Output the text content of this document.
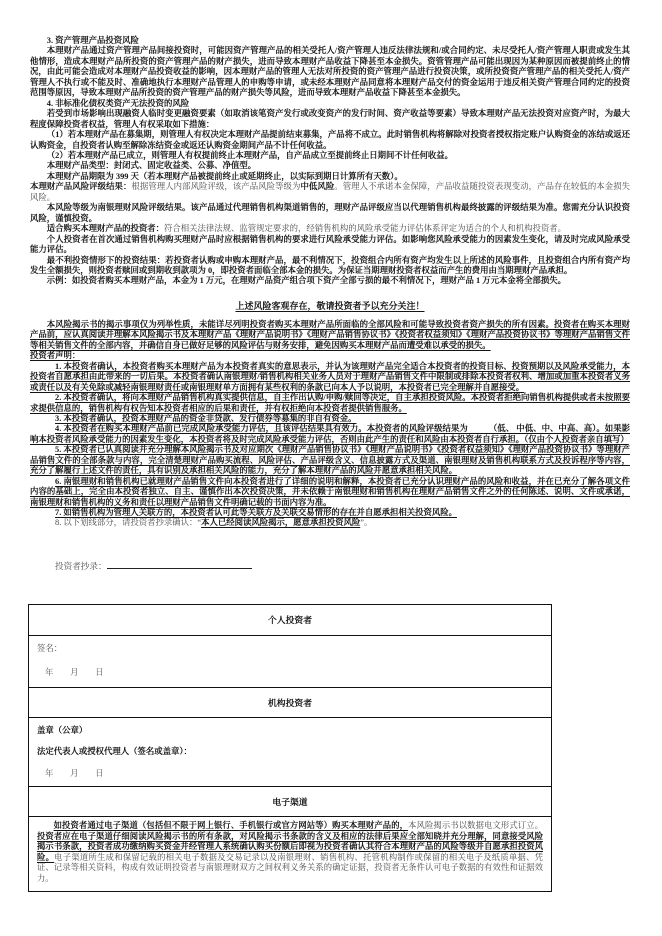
3. 资产管理产品投资风险

本理财产品通过资产管理产品间接投资时，可能因资产管理产品的相关受托人/资产管理人违反法律法规和/或合同约定、未尽受托人/资产管理人职责或发生其他情形，造成本理财产品所投资的资产管理产品的财产损失，进而导致本理财产品收益下降甚至本金损失。资管管理产品可能出现因为某种原因而被提前终止的情况，由此可能会造成对本理财产品投资收益的影响，因本理财产品的管理人无法对所投资的资产管理产品进行投资决策，或所投资资产管理产品的相关受托人/资产管理人不执行或不能及时、准确地执行本理财产品管理人的申购等申请，或未经本理财产品同意将本理财产品交付的资金运用于违反相关资产管理合同约定的投资范围等原因，导致本理财产品所投资的资产管理产品的财产损失等风险，进而导致本理财产品收益下降甚至本金损失。

4. 非标准化债权类资产无法投资的风险

若受到市场影响出现融资人临时变更融资要素（如取消该笔资产发行或改变资产的发行时间、资产收益等要素）导致本理财产品无法投资对应资产时，为最大程度保障投资者权益，管理人有权采取如下措施：

（1）若本理财产品在募集期，则管理人有权决定本理财产品提前结束募集，产品将不成立。此时销售机构将解除对投资者授权指定账户认购资金的冻结或返还认购资金，自投资者认购至解除冻结资金或返还认购资金期间产品不计任何收益。

（2）若本理财产品已成立，则管理人有权提前终止本理财产品，自产品成立至提前终止日期间不计任何收益。

本理财产品类型：封闭式、固定收益类、公募、净值型。

本理财产品期限为 399 天（若本理财产品被提前终止或延期终止，以实际到期日计算所有天数）。

本理财产品风险评级结果：根据管理人内部风险评级，该产品风险等级为中低风险。管理人不承诺本金保障，产品收益随投资表现变动，产品存在较低的本金损失风险。

本风险等级为南银理财风险评级结果。该产品通过代理销售机构渠道销售的，理财产品评级应当以代理销售机构最终披露的评级结果为准。您需充分认识投资风险，谨慎投资。

适合购买本理财产品的投资者：符合相关法律法规、监管规定要求的，经销售机构的风险承受能力评估体系评定为适合的个人和机构投资者。

个人投资者在首次通过销售机构购买理财产品时应根据销售机构的要求进行风险承受能力评估。如影响您风险承受能力的因素发生变化，请及时完成风险承受能力评估。

最不利投资情形下的投资结果：若投资者认购或申购本理财产品，最不利情况下，投资组合内所有资产均发生以上所述的风险事件，且投资组合内所有资产均发生全额损失，则投资者赎回或到期收到款项为 0，即投资者面临全部本金的损失。为保证当期理财投资者权益而产生的费用由当期理财产品承担。

示例：如投资者购买本理财产品，本金为 1 万元，在理财产品资产组合项下资产全部亏损的最不利情况下，理财产品 1 万元本金将全部损失。

上述风险客观存在，敬请投资者予以充分关注！

本风险揭示书的揭示事项仅为列举性质，未能详尽列明投资者购买本理财产品所面临的全部风险和可能导致投资者资产损失的所有因素。投资者在购买本理财产品前，应认真阅读并理解本风险揭示书及本理财产品《理财产品说明书》《理财产品销售协议书》《投资者权益须知》《理财产品投资协议书》等理财产品销售文件等相关销售文件的全部内容，并确信自身已做好足够的风险评估与财务安排，避免因购买本理财产品而遭受难以承受的损失。

投资者声明：

1. 本投资者确认，本投资者购买本理财产品为本投资者真实的意思表示，并认为该理财产品完全适合本投资者的投资目标、投资预期以及风险承受能力，本投资者自愿承担由此带来的一切后果。本投资者确认南银理财/销售机构相关业务人员对于理财产品销售文件中限制或排除本投资者权利、增加或加重本投资者义务或责任以及有关免除或减轻南银理财责任或南银理财单方面拥有某些权利的条款已向本人予以说明，本投资者已完全理解并自愿接受。

2. 本投资者确认，将向本理财产品销售机构真实提供信息，自主作出认购/申购/赎回等决定，自主承担投资风险。本投资者拒绝向销售机构提供或者未按照要求提供信息的，销售机构有权告知本投资者相应的后果和责任，并有权拒绝向本投资者提供销售服务。

3. 本投资者确认，投资本理财产品的资金非贷款、发行债券等募集的非自有资金。

4. 本投资者在购买本理财产品前已完成风险承受能力评估，且该评估结果具有效力。本投资者的风险评级结果为　　　（低、 中低、中、中高、高）。如果影响本投资者风险承受能力的因素发生变化，本投资者将及时完成风险承受能力评估，否则由此产生的责任和风险由本投资者自行承担。（仅由个人投资者亲自填写）

5. 本投资者已认真阅读并充分理解本风险揭示书及对应期次《理财产品销售协议书》《理财产品说明书》《投资者权益须知》《理财产品投资协议书》等理财产品销售文件的全部条款与内容，完全清楚理财产品购买流程、风险评估、产品评级含义、信息披露方式及渠道、南银理财及销售机构联系方式及投诉程序等内容，充分了解履行上述文件的责任，具有识别及承担相关风险的能力，充分了解本理财产品的风险并愿意承担相关风险。

6. 南银理财和销售机构已就理财产品销售文件向本投资者进行了详细的说明和解释，本投资者已充分认识理财产品的风险和收益，并在已充分了解各项文件内容的基础上，完全由本投资者独立、自主、谨慎作出本次投资决策，并未依赖于南银理财和销售机构在理财产品销售文件之外的任何陈述、说明、文件或承诺，南银理财和销售机构的义务和责任以理财产品销售文件明确记载的书面内容为准。

7. 如销售机构为管理人关联方的，本投资者认可此等关联方及关联交易情形的存在并自愿承担相关投资风险。

8. 以下划线部分，请投资者抄录确认：“本人已经阅读风险揭示，愿意承担投资风险”。

投资者抄录：
个人投资者
签名：
年　　月　　日
机构投资者
盖章（公章）
法定代表人或授权代理人（签名或盖章）：
年　　月　　日
电子渠道

如投资者通过电子渠道（包括但不限于网上银行、手机银行或官方网站等）购买本理财产品的，本风险揭示书以数据电文形式订立。投资者应在电子渠道仔细阅读风险揭示书的所有条款，对风险揭示书条款的含义及相应的法律后果应全部知晓并充分理解，同意接受风险揭示书条款，投资者成功缴纳购买资金并经管理人系统确认购买份额后即视为投资者确认其符合本理财产品的风险等级并自愿承担投资风险。电子渠道所生成和保留记载的相关电子数据及交易记录以及南银理财、销售机构、托管机构制作或保留的相关电子及纸质单据、凭证、记录等相关资料，构成有效证明投资者与南银理财双方之间权利义务关系的确定证据，投资者无条件认可电子数据的有效性和证据效力。
